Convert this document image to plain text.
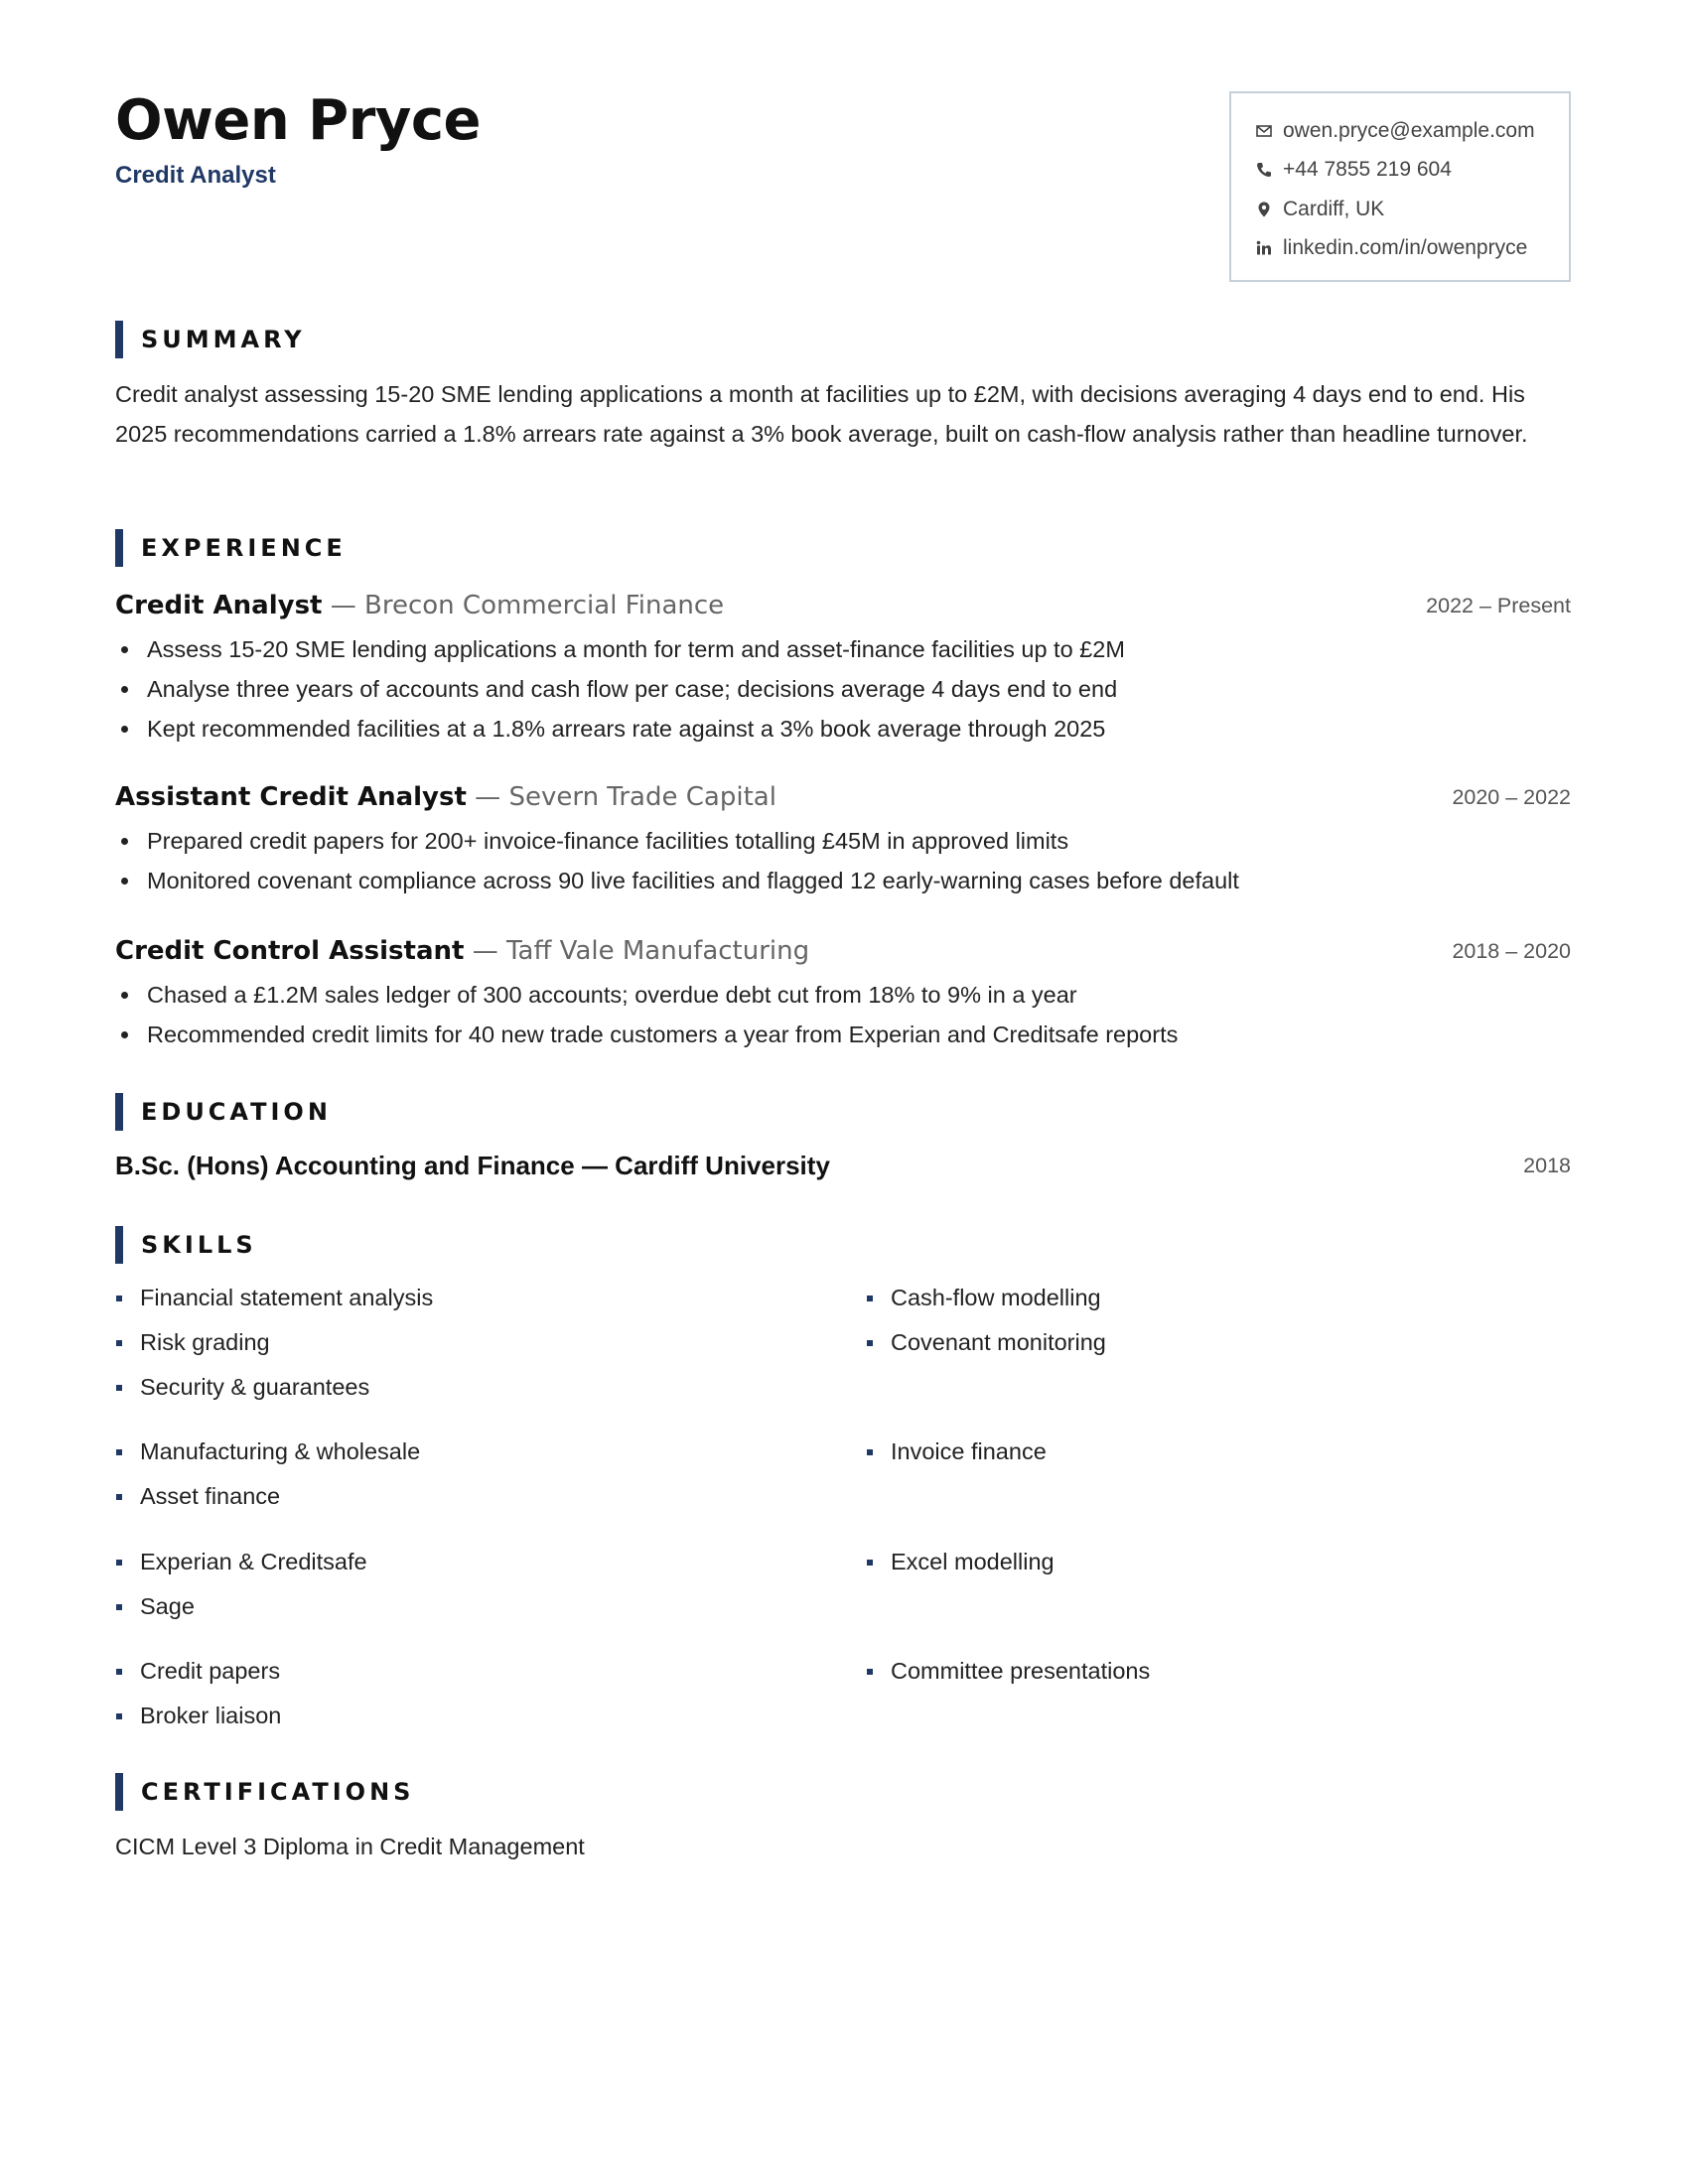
Owen Pryce
Credit Analyst
owen.pryce@example.com
+44 7855 219 604
Cardiff, UK
linkedin.com/in/owenpryce
SUMMARY

Credit analyst assessing 15-20 SME lending applications a month at facilities up to £2M, with decisions averaging 4 days end to end. His 2025 recommendations carried a 1.8% arrears rate against a 3% book average, built on cash-flow analysis rather than headline turnover.

EXPERIENCE
Credit Analyst — Brecon Commercial Finance	2022 – Present
Assess 15-20 SME lending applications a month for term and asset-finance facilities up to £2M
Analyse three years of accounts and cash flow per case; decisions average 4 days end to end
Kept recommended facilities at a 1.8% arrears rate against a 3% book average through 2025
Assistant Credit Analyst — Severn Trade Capital	2020 – 2022
Prepared credit papers for 200+ invoice-finance facilities totalling £45M in approved limits
Monitored covenant compliance across 90 live facilities and flagged 12 early-warning cases before default
Credit Control Assistant — Taff Vale Manufacturing	2018 – 2020
Chased a £1.2M sales ledger of 300 accounts; overdue debt cut from 18% to 9% in a year
Recommended credit limits for 40 new trade customers a year from Experian and Creditsafe reports
EDUCATION
B.Sc. (Hons) Accounting and Finance — Cardiff University	2018
SKILLS
Financial statement analysis
Risk grading
Security & guarantees
Cash-flow modelling
Covenant monitoring
Manufacturing & wholesale
Asset finance
Invoice finance
Experian & Creditsafe
Sage
Excel modelling
Credit papers
Broker liaison
Committee presentations
CERTIFICATIONS
CICM Level 3 Diploma in Credit Management
